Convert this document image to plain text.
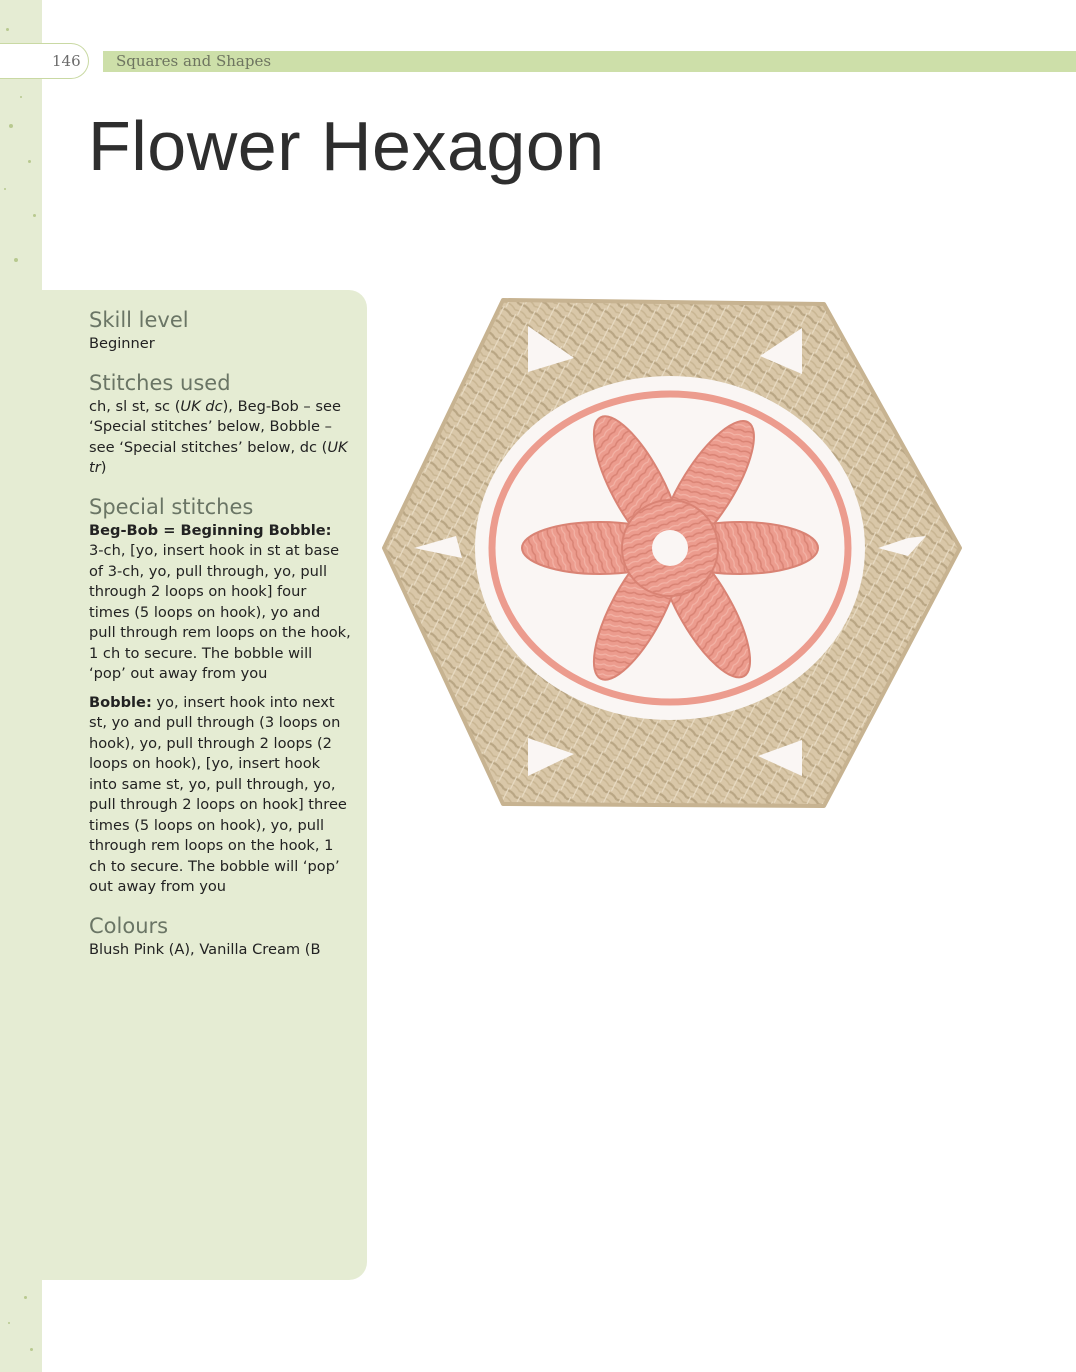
146 Squares and Shapes
Flower Hexagon
Skill level

Beginner

Stitches used

ch, sl st, sc (UK dc), Beg-Bob – see ‘Special stitches’ below, Bobble – see ‘Special stitches’ below, dc (UK tr)

Special stitches

Beg-Bob = Beginning Bobble:
3-ch, [yo, insert hook in st at base of 3-ch, yo, pull through, yo, pull through 2 loops on hook] four times (5 loops on hook), yo and pull through rem loops on the hook, 1 ch to secure. The bobble will ‘pop’ out away from you

Bobble: yo, insert hook into next st, yo and pull through (3 loops on hook), yo, pull through 2 loops (2 loops on hook), [yo, insert hook into same st, yo, pull through, yo, pull through 2 loops on hook] three times (5 loops on hook), yo, pull through rem loops on the hook, 1 ch to secure. The bobble will ‘pop’ out away from you

Colours

Blush Pink (A), Vanilla Cream (B
